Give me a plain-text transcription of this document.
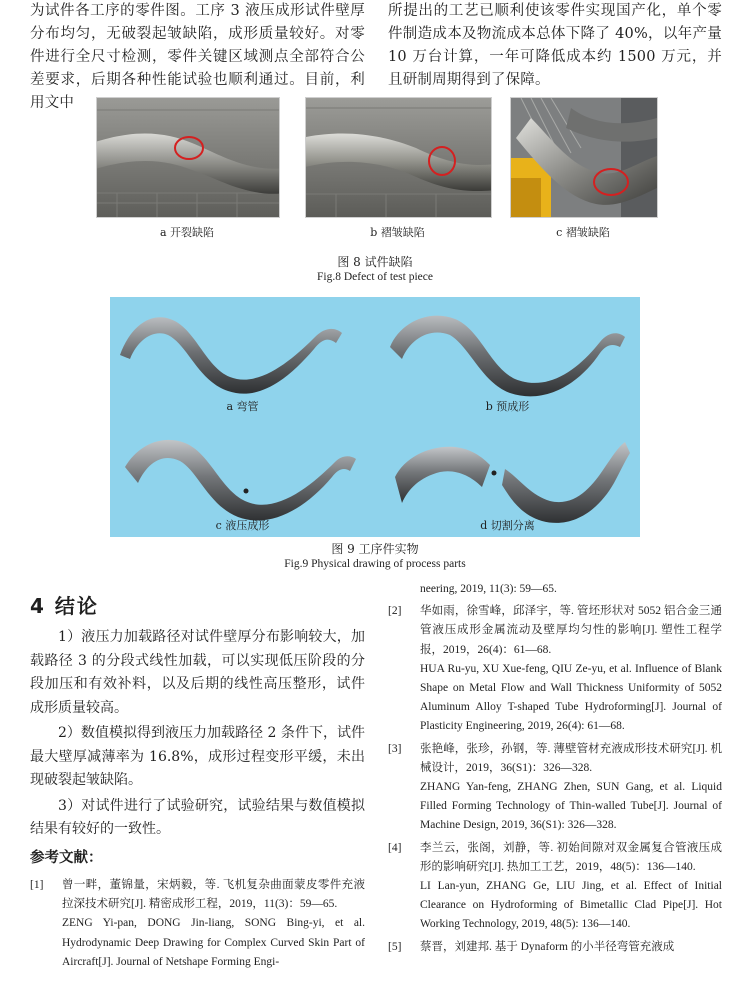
为试件各工序的零件图。工序 3 液压成形试件壁厚分布均匀，无破裂起皱缺陷，成形质量较好。对零件进行全尺寸检测，零件关键区域测点全部符合公差要求，后期各种性能试验也顺利通过。目前，利用文中
所提出的工艺已顺利使该零件实现国产化，单个零件制造成本及物流成本总体下降了 40%，以年产量 10 万台计算，一年可降低成本约 1500 万元，并且研制周期得到了保障。
a 开裂缺陷	b 褶皱缺陷	c 褶皱缺陷
图 8 试件缺陷
Fig.8 Defect of test piece
a 弯管	b 预成形
c 液压成形	d 切割分离
图 9 工序件实物
Fig.9 Physical drawing of process parts
4 结论

1）液压力加载路径对试件壁厚分布影响较大，加载路径 3 的分段式线性加载，可以实现低压阶段的分段加压和有效补料，以及后期的线性高压整形，试件成形质量较高。

2）数值模拟得到液压力加载路径 2 条件下，试件最大壁厚减薄率为 16.8%，成形过程变形平缓，未出现破裂起皱缺陷。

3）对试件进行了试验研究，试验结果与数值模拟结果有较好的一致性。

参考文献：
[1] 曾一畔，董锦量，宋炳毅，等. 飞机复杂曲面蒙皮零件充液拉深技术研究[J]. 精密成形工程，2019，11(3)：59—65.
ZENG Yi-pan, DONG Jin-liang, SONG Bing-yi, et al. Hydrodynamic Deep Drawing for Complex Curved Skin Part of Aircraft[J]. Journal of Netshape Forming Engi-
neering, 2019, 11(3): 59—65.
[2] 华如雨，徐雪峰，邱泽宇，等. 管坯形状对 5052 铝合金三通管液压成形金属流动及壁厚均匀性的影响[J]. 塑性工程学报，2019，26(4)：61—68.
HUA Ru-yu, XU Xue-feng, QIU Ze-yu, et al. Influence of Blank Shape on Metal Flow and Wall Thickness Uniformity of 5052 Aluminum Alloy T-shaped Tube Hydroforming[J]. Journal of Plasticity Engineering, 2019, 26(4): 61—68.
[3] 张艳峰，张珍，孙钢，等. 薄壁管材充液成形技术研究[J]. 机械设计，2019，36(S1)：326—328.
ZHANG Yan-feng, ZHANG Zhen, SUN Gang, et al. Liquid Filled Forming Technology of Thin-walled Tube[J]. Journal of Machine Design, 2019, 36(S1): 326—328.
[4] 李兰云，张阁，刘静，等. 初始间隙对双金属复合管液压成形的影响研究[J]. 热加工工艺，2019，48(5)：136—140.
LI Lan-yun, ZHANG Ge, LIU Jing, et al. Effect of Initial Clearance on Hydroforming of Bimetallic Clad Pipe[J]. Hot Working Technology, 2019, 48(5): 136—140.
[5] 蔡晋，刘建邦. 基于 Dynaform 的小半径弯管充液成
